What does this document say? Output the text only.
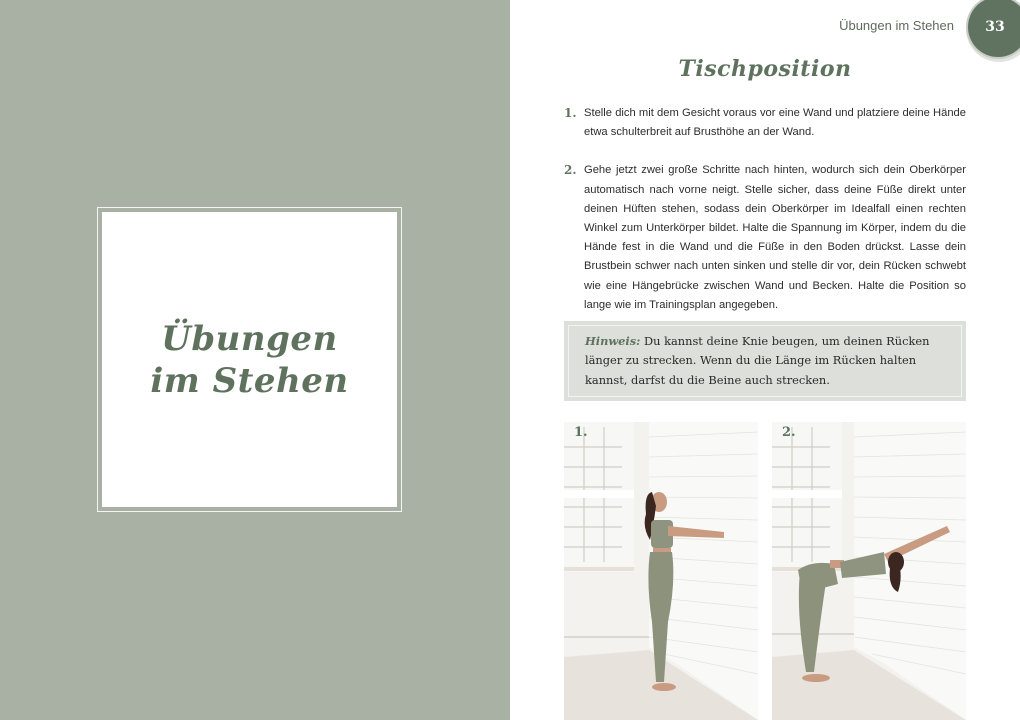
Übungen
im Stehen
Übungen im Stehen 33
Tischposition
1. Stelle dich mit dem Gesicht voraus vor eine Wand und platziere deine Hände etwa schulterbreit auf Brusthöhe an der Wand.
2. Gehe jetzt zwei große Schritte nach hinten, wodurch sich dein Oberkörper automatisch nach vorne neigt. Stelle sicher, dass deine Füße direkt unter deinen Hüften stehen, sodass dein Oberkörper im Idealfall einen rechten Winkel zum Unterkörper bildet. Halte die Spannung im Körper, indem du die Hände fest in die Wand und die Füße in den Boden drückst. Lasse dein Brustbein schwer nach unten sinken und stelle dir vor, dein Rücken schwebt wie eine Hängebrücke zwischen Wand und Becken. Halte die Position so lange wie im Trainingsplan angegeben.
Hinweis: Du kannst deine Knie beugen, um deinen Rücken länger zu strecken. Wenn du die Länge im Rücken halten kannst, darfst du die Beine auch strecken.
1.	2.
